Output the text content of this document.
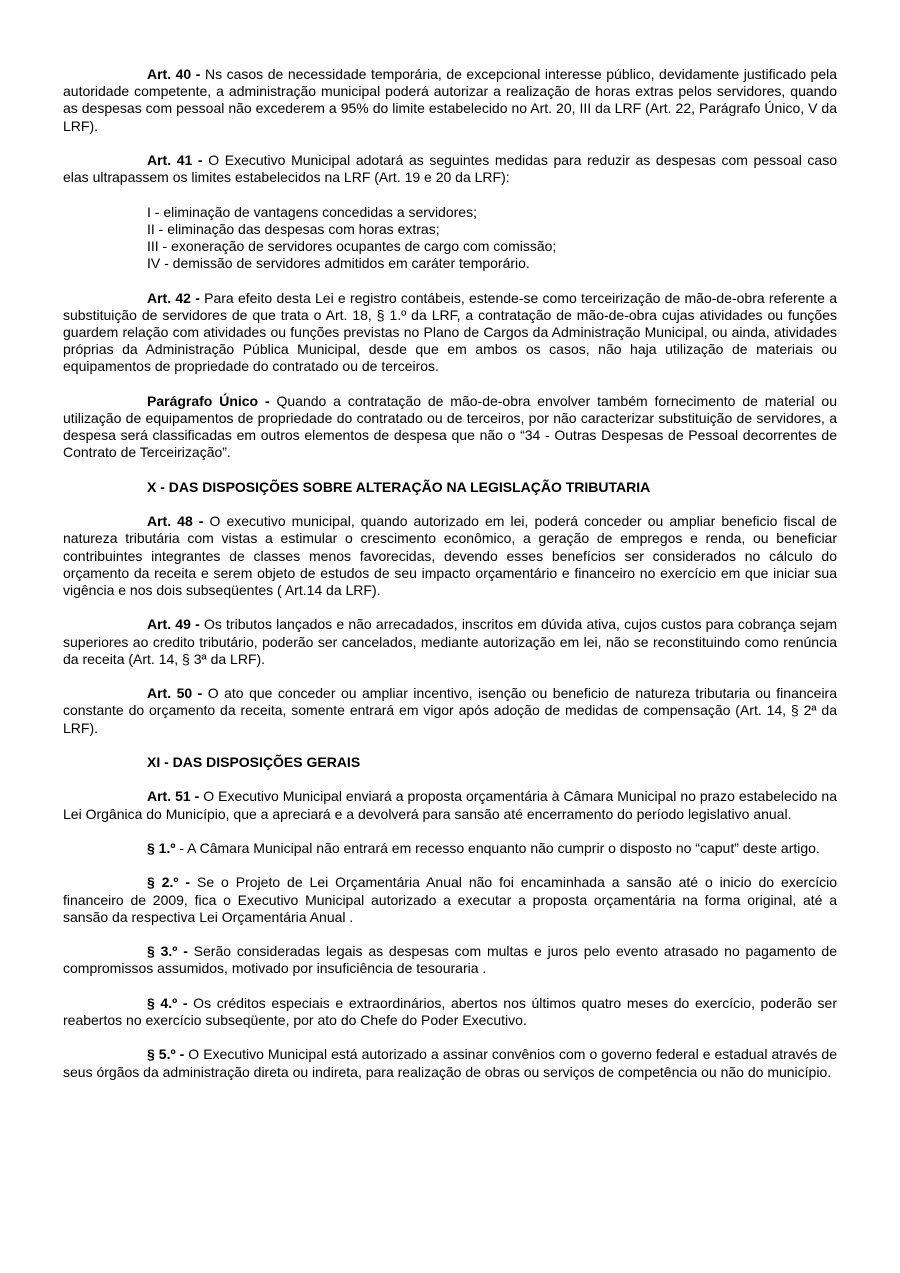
Art. 40 - Ns casos de necessidade temporária, de excepcional interesse público, devidamente justificado pela autoridade competente, a administração municipal poderá autorizar a realização de horas extras pelos servidores, quando as despesas com pessoal não excederem a 95% do limite estabelecido no Art. 20, III da LRF (Art. 22, Parágrafo Único, V da LRF).

Art. 41 - O Executivo Municipal adotará as seguintes medidas para reduzir as despesas com pessoal caso elas ultrapassem os limites estabelecidos na LRF (Art. 19 e 20 da LRF):

I - eliminação de vantagens concedidas a servidores;
II - eliminação das despesas com horas extras;
III - exoneração de servidores ocupantes de cargo com comissão;
IV - demissão de servidores admitidos em caráter temporário.

Art. 42 - Para efeito desta Lei e registro contábeis, estende-se como terceirização de mão-de-obra referente a substituição de servidores de que trata o Art. 18, § 1.º da LRF, a contratação de mão-de-obra cujas atividades ou funções guardem relação com atividades ou funções previstas no Plano de Cargos da Administração Municipal, ou ainda, atividades próprias da Administração Pública Municipal, desde que em ambos os casos, não haja utilização de materiais ou equipamentos de propriedade do contratado ou de terceiros.

Parágrafo Único - Quando a contratação de mão-de-obra envolver também fornecimento de material ou utilização de equipamentos de propriedade do contratado ou de terceiros, por não caracterizar substituição de servidores, a despesa será classificadas em outros elementos de despesa que não o “34 - Outras Despesas de Pessoal decorrentes de Contrato de Terceirização”.

X - DAS DISPOSIÇÕES SOBRE ALTERAÇÃO NA LEGISLAÇÃO TRIBUTARIA

Art. 48 - O executivo municipal, quando autorizado em lei, poderá conceder ou ampliar beneficio fiscal de natureza tributária com vistas a estimular o crescimento econômico, a geração de empregos e renda, ou beneficiar contribuintes integrantes de classes menos favorecidas, devendo esses benefícios ser considerados no cálculo do orçamento da receita e serem objeto de estudos de seu impacto orçamentário e financeiro no exercício em que iniciar sua vigência e nos dois subseqüentes ( Art.14 da LRF).

Art. 49 - Os tributos lançados e não arrecadados, inscritos em dúvida ativa, cujos custos para cobrança sejam superiores ao credito tributário, poderão ser cancelados, mediante autorização em lei, não se reconstituindo como renúncia da receita (Art. 14, § 3ª da LRF).

Art. 50 - O ato que conceder ou ampliar incentivo, isenção ou beneficio de natureza tributaria ou financeira constante do orçamento da receita, somente entrará em vigor após adoção de medidas de compensação (Art. 14, § 2ª da LRF).

XI - DAS DISPOSIÇÕES GERAIS

Art. 51 - O Executivo Municipal enviará a proposta orçamentária à Câmara Municipal no prazo estabelecido na Lei Orgânica do Município, que a apreciará e a devolverá para sansão até encerramento do período legislativo anual.

§ 1.º - A Câmara Municipal não entrará em recesso enquanto não cumprir o disposto no “caput” deste artigo.

§ 2.º - Se o Projeto de Lei Orçamentária Anual não foi encaminhada a sansão até o inicio do exercício financeiro de 2009, fica o Executivo Municipal autorizado a executar a proposta orçamentária na forma original, até a sansão da respectiva Lei Orçamentária Anual .

§ 3.º - Serão consideradas legais as despesas com multas e juros pelo evento atrasado no pagamento de compromissos assumidos, motivado por insuficiência de tesouraria .

§ 4.º - Os créditos especiais e extraordinários, abertos nos últimos quatro meses do exercício, poderão ser reabertos no exercício subseqüente, por ato do Chefe do Poder Executivo.

§ 5.º - O Executivo Municipal está autorizado a assinar convênios com o governo federal e estadual através de seus órgãos da administração direta ou indireta, para realização de obras ou serviços de competência ou não do município.
